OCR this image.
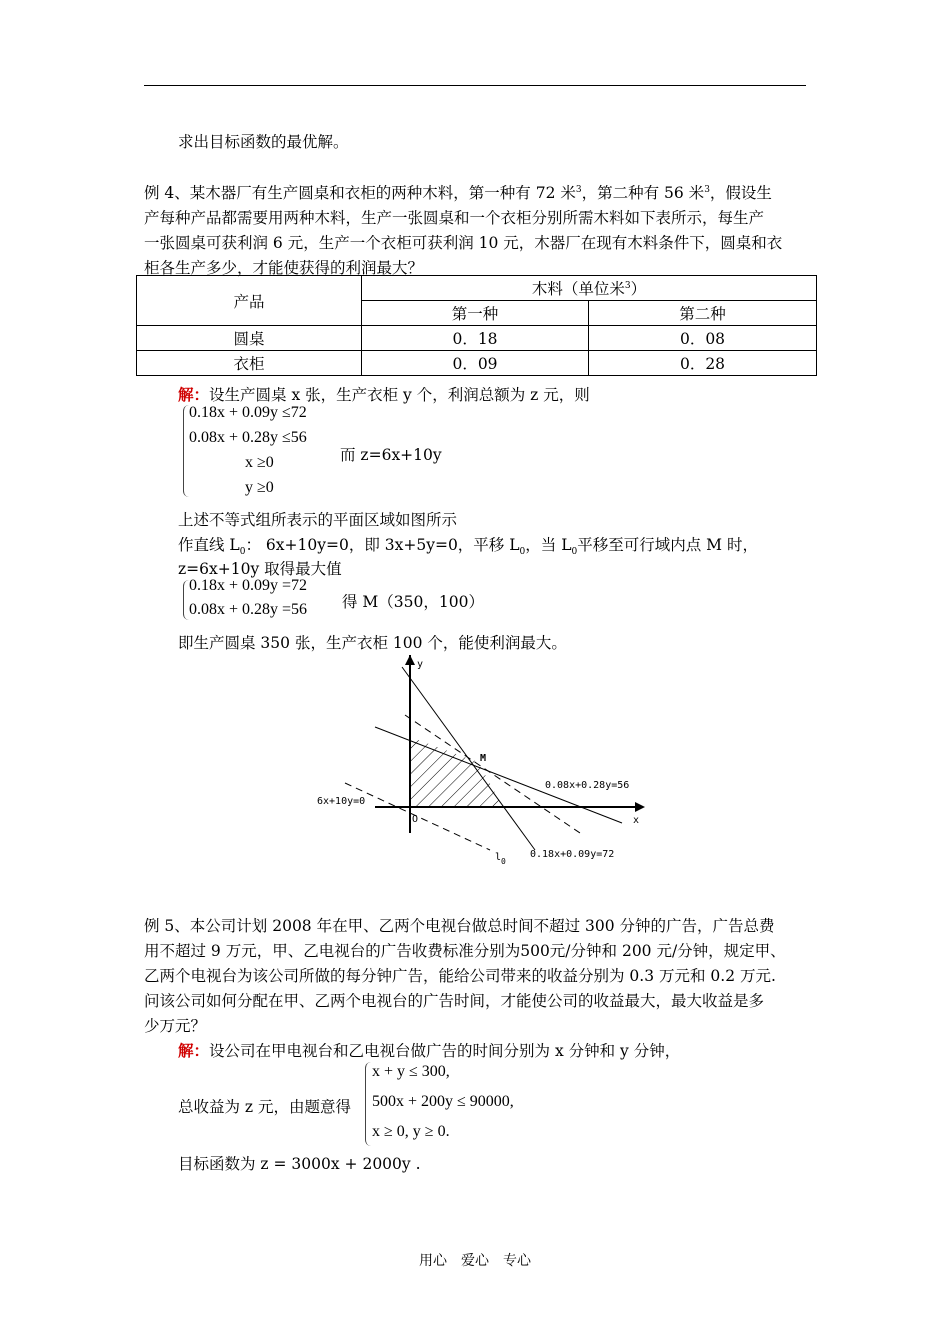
求出目标函数的最优解。
例 4、某木器厂有生产圆桌和衣柜的两种木料，第一种有 72 米$^3$，第二种有 56 米$^3$，假设生
产每种产品都需要用两种木料，生产一张圆桌和一个衣柜分别所需木料如下表所示，每生产
一张圆桌可获利润 6 元，生产一个衣柜可获利润 10 元，木器厂在现有木料条件下，圆桌和衣
柜各生产多少，才能使获得的利润最大？
产品	木料（单位米$^3$）	
	第一种	第二种
圆桌	0．18	0．08
衣柜	0．09	0．28
解：设生产圆桌 x 张，生产衣柜 y 个，利润总额为 z 元，则
0.18x + 0.09y ≤72
0.08x + 0.28y ≤56
x ≥0
y ≥0
而 z=6x+10y
上述不等式组所表示的平面区域如图所示
作直线 $L_0$： 6x+10y=0，即 3x+5y=0，平移 $L_0$，当 $L_0$平移至可行域内点 M 时，
z=6x+10y 取得最大值
0.18x + 0.09y =72
0.08x + 0.28y =56 得 M（350，100）
即生产圆桌 350 张，生产衣柜 100 个，能使利润最大。
y
x
O
M
0.08x+0.28y=56
0.18x+0.09y=72
6x+10y=0
$l_0$
例 5、本公司计划 2008 年在甲、乙两个电视台做总时间不超过 300 分钟的广告，广告总费
用不超过 9 万元，甲、乙电视台的广告收费标准分别为500元/分钟和 200 元/分钟，规定甲、
乙两个电视台为该公司所做的每分钟广告，能给公司带来的收益分别为 0.3 万元和 0.2 万元.
问该公司如何分配在甲、乙两个电视台的广告时间，才能使公司的收益最大，最大收益是多
少万元？
解：设公司在甲电视台和乙电视台做广告的时间分别为 x 分钟和 y 分钟，
总收益为 z 元，由题意得
x + y ≤ 300,
500x + 200y ≤ 90000,
x ≥ 0, y ≥ 0.
目标函数为 z = 3000x + 2000y .
用心　爱心　专心
